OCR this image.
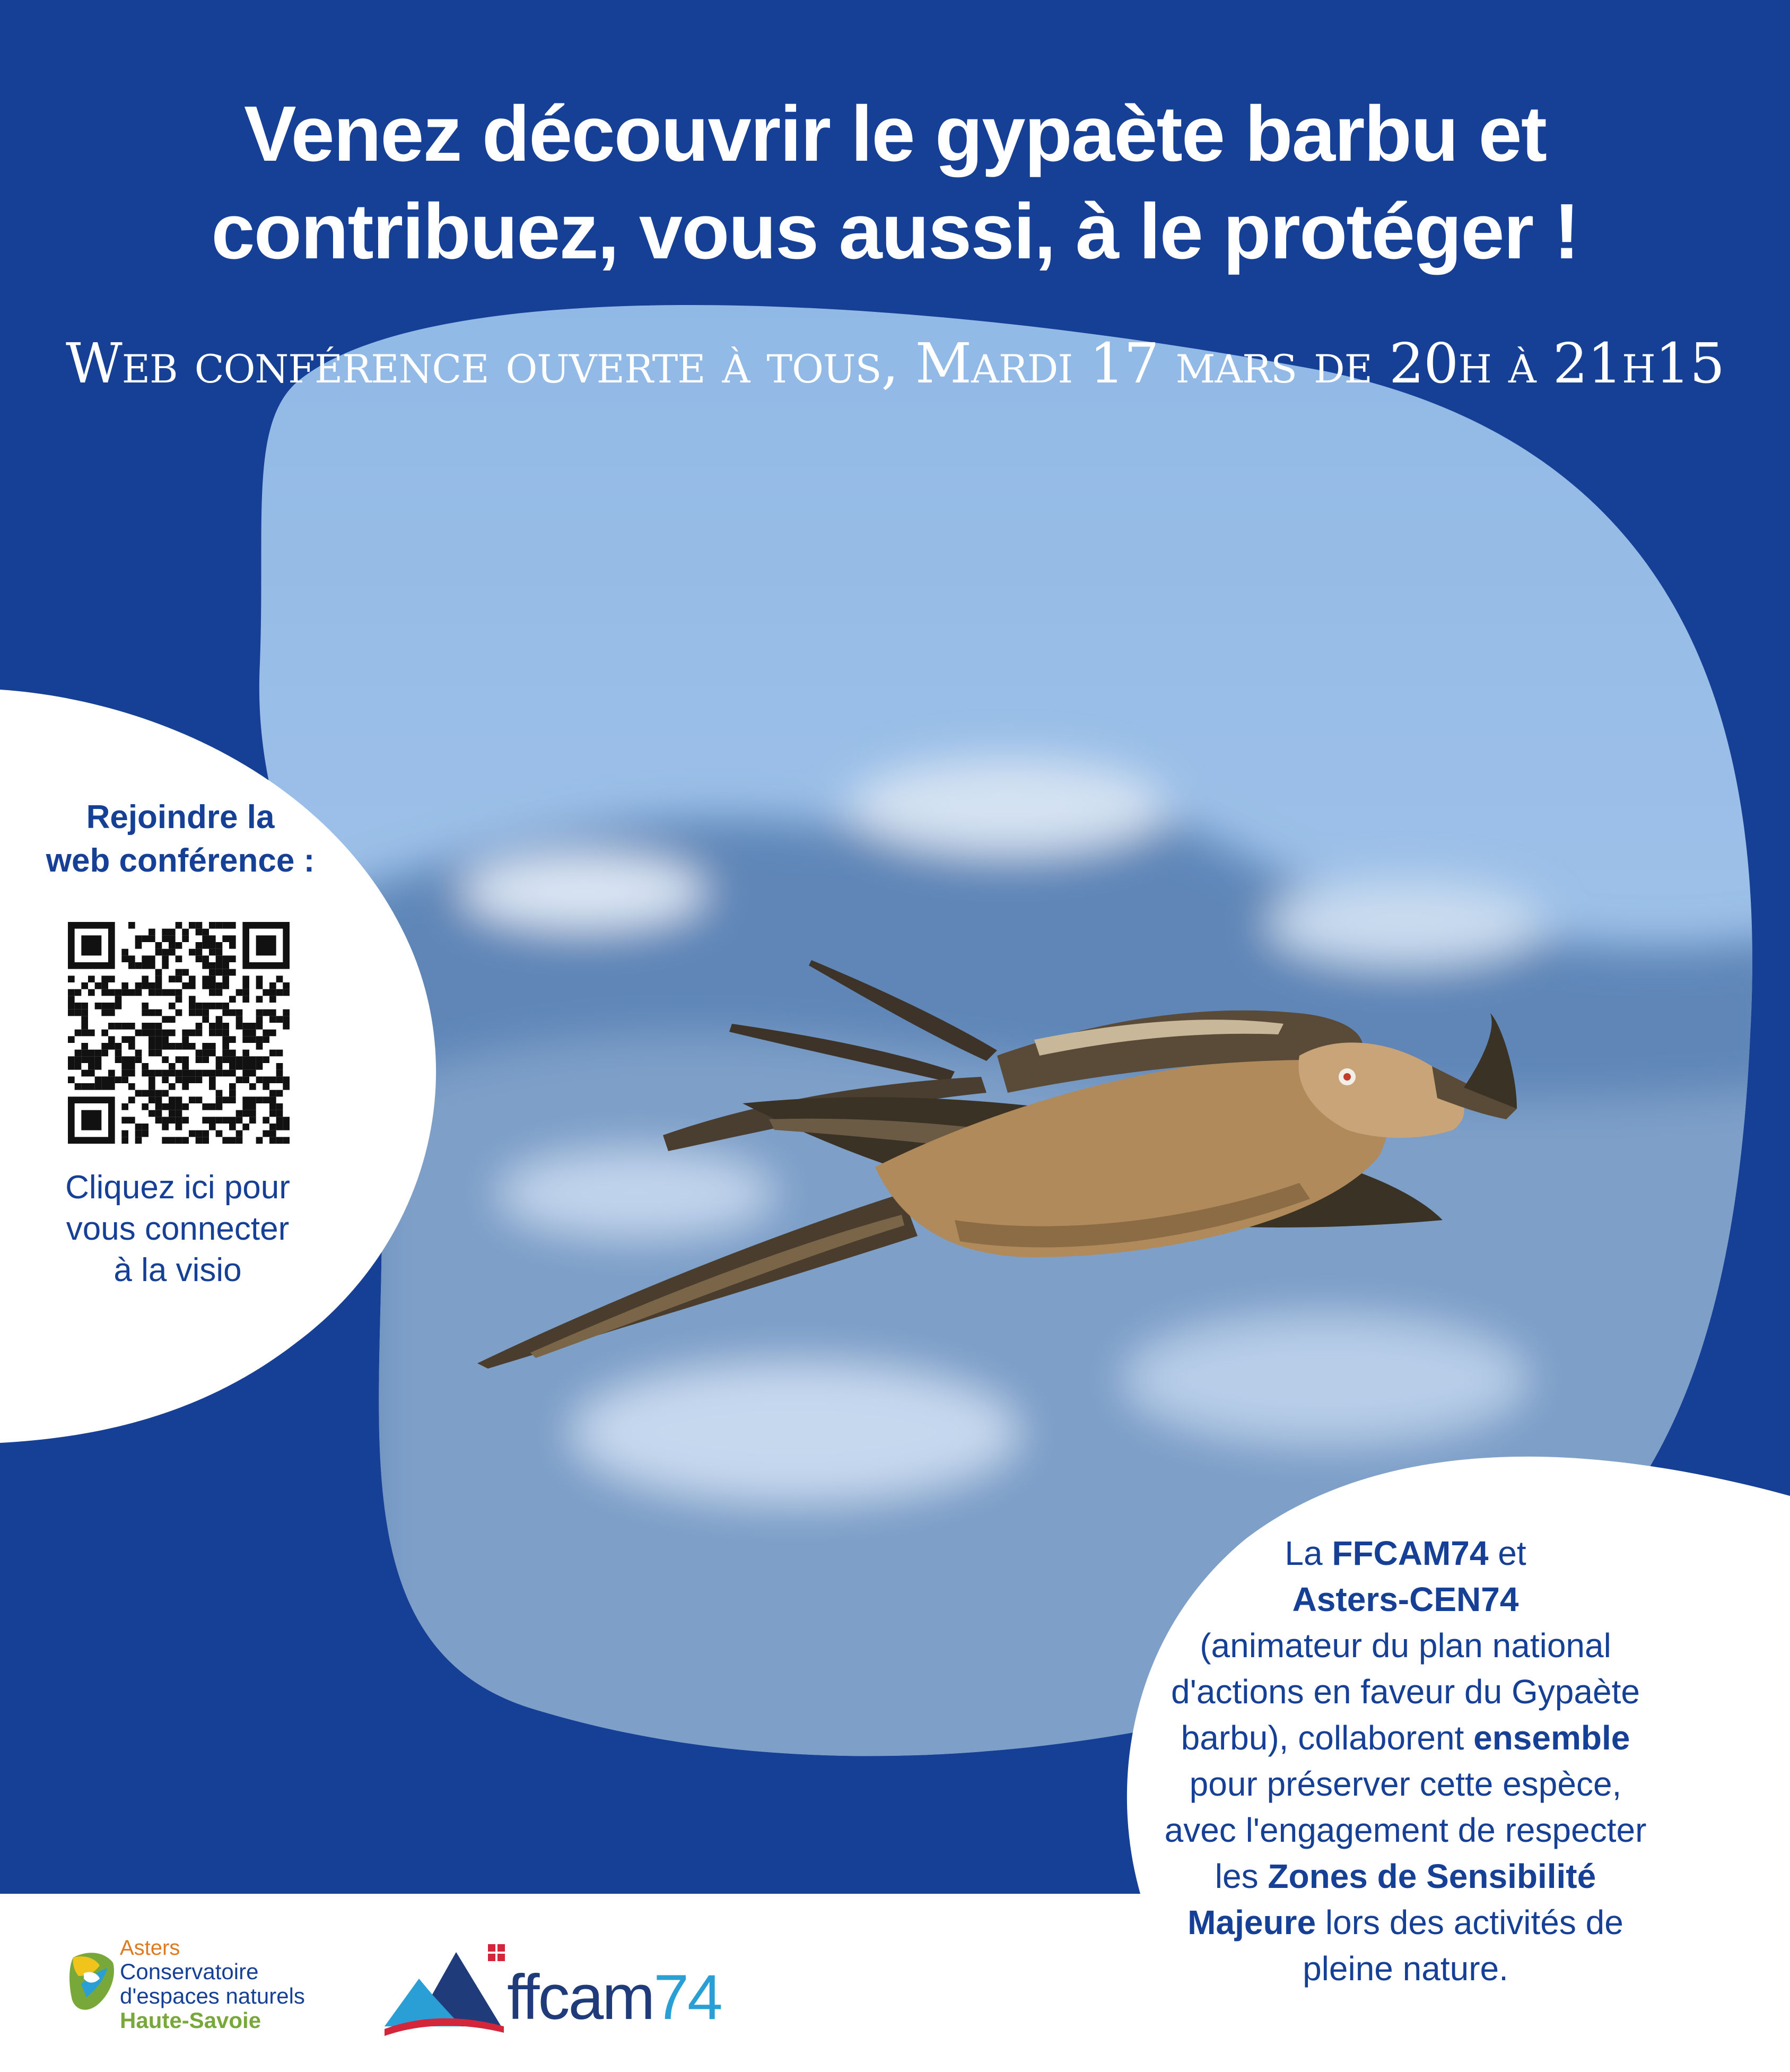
Venez découvrir le gypaète barbu et
contribuez, vous aussi, à le protéger !
Web conférence ouverte à tous, Mardi 17 mars de 20h à 21h15
Rejoindre la
web conférence :
Cliquez ici pour
vous connecter
à la visio
La FFCAM74 et
Asters-CEN74
(animateur du plan national
d'actions en faveur du Gypaète
barbu), collaborent ensemble
pour préserver cette espèce,
avec l'engagement de respecter
les Zones de Sensibilité
Majeure lors des activités de
pleine nature.
Asters
Conservatoire
d'espaces naturels
Haute-Savoie	ffcam74
